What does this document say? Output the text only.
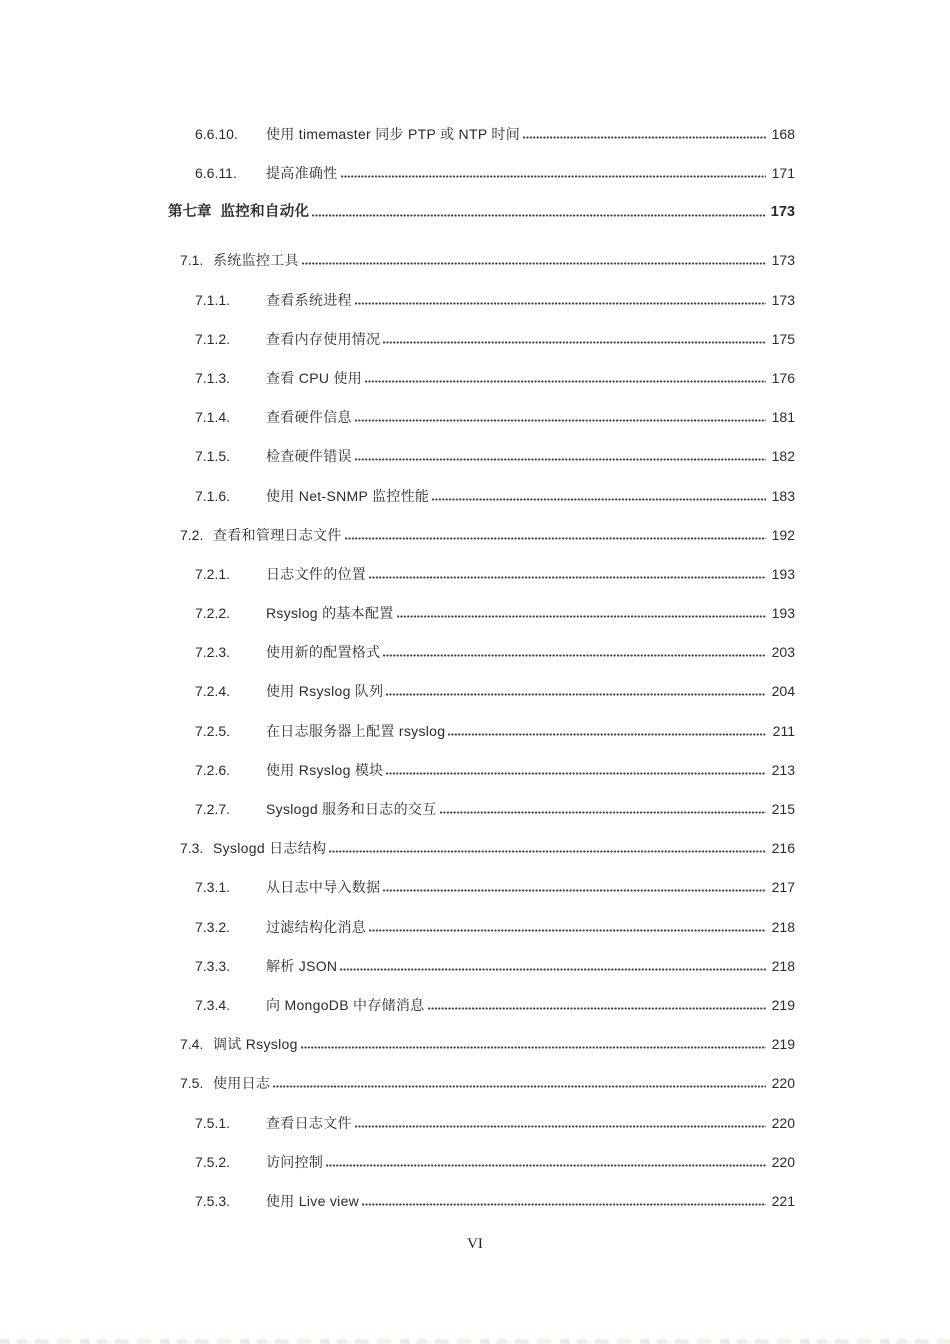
6.6.10.	使用 timemaster 同步 PTP 或 NTP 时间	168
6.6.11.	提高准确性	171
第七章 监控和自动化	173
7.1. 系统监控工具	173
7.1.1.	查看系统进程	173
7.1.2.	查看内存使用情况	175
7.1.3.	查看 CPU 使用	176
7.1.4.	查看硬件信息	181
7.1.5.	检查硬件错误	182
7.1.6.	使用 Net-SNMP 监控性能	183
7.2. 查看和管理日志文件	192
7.2.1.	日志文件的位置	193
7.2.2.	Rsyslog 的基本配置	193
7.2.3.	使用新的配置格式	203
7.2.4.	使用 Rsyslog 队列	204
7.2.5.	在日志服务器上配置 rsyslog	211
7.2.6.	使用 Rsyslog 模块	213
7.2.7.	Syslogd 服务和日志的交互	215
7.3. Syslogd 日志结构	216
7.3.1.	从日志中导入数据	217
7.3.2.	过滤结构化消息	218
7.3.3.	解析 JSON	218
7.3.4.	向 MongoDB 中存储消息	219
7.4. 调试 Rsyslog	219
7.5. 使用日志	220
7.5.1.	查看日志文件	220
7.5.2.	访问控制	220
7.5.3.	使用 Live view	221
VI
